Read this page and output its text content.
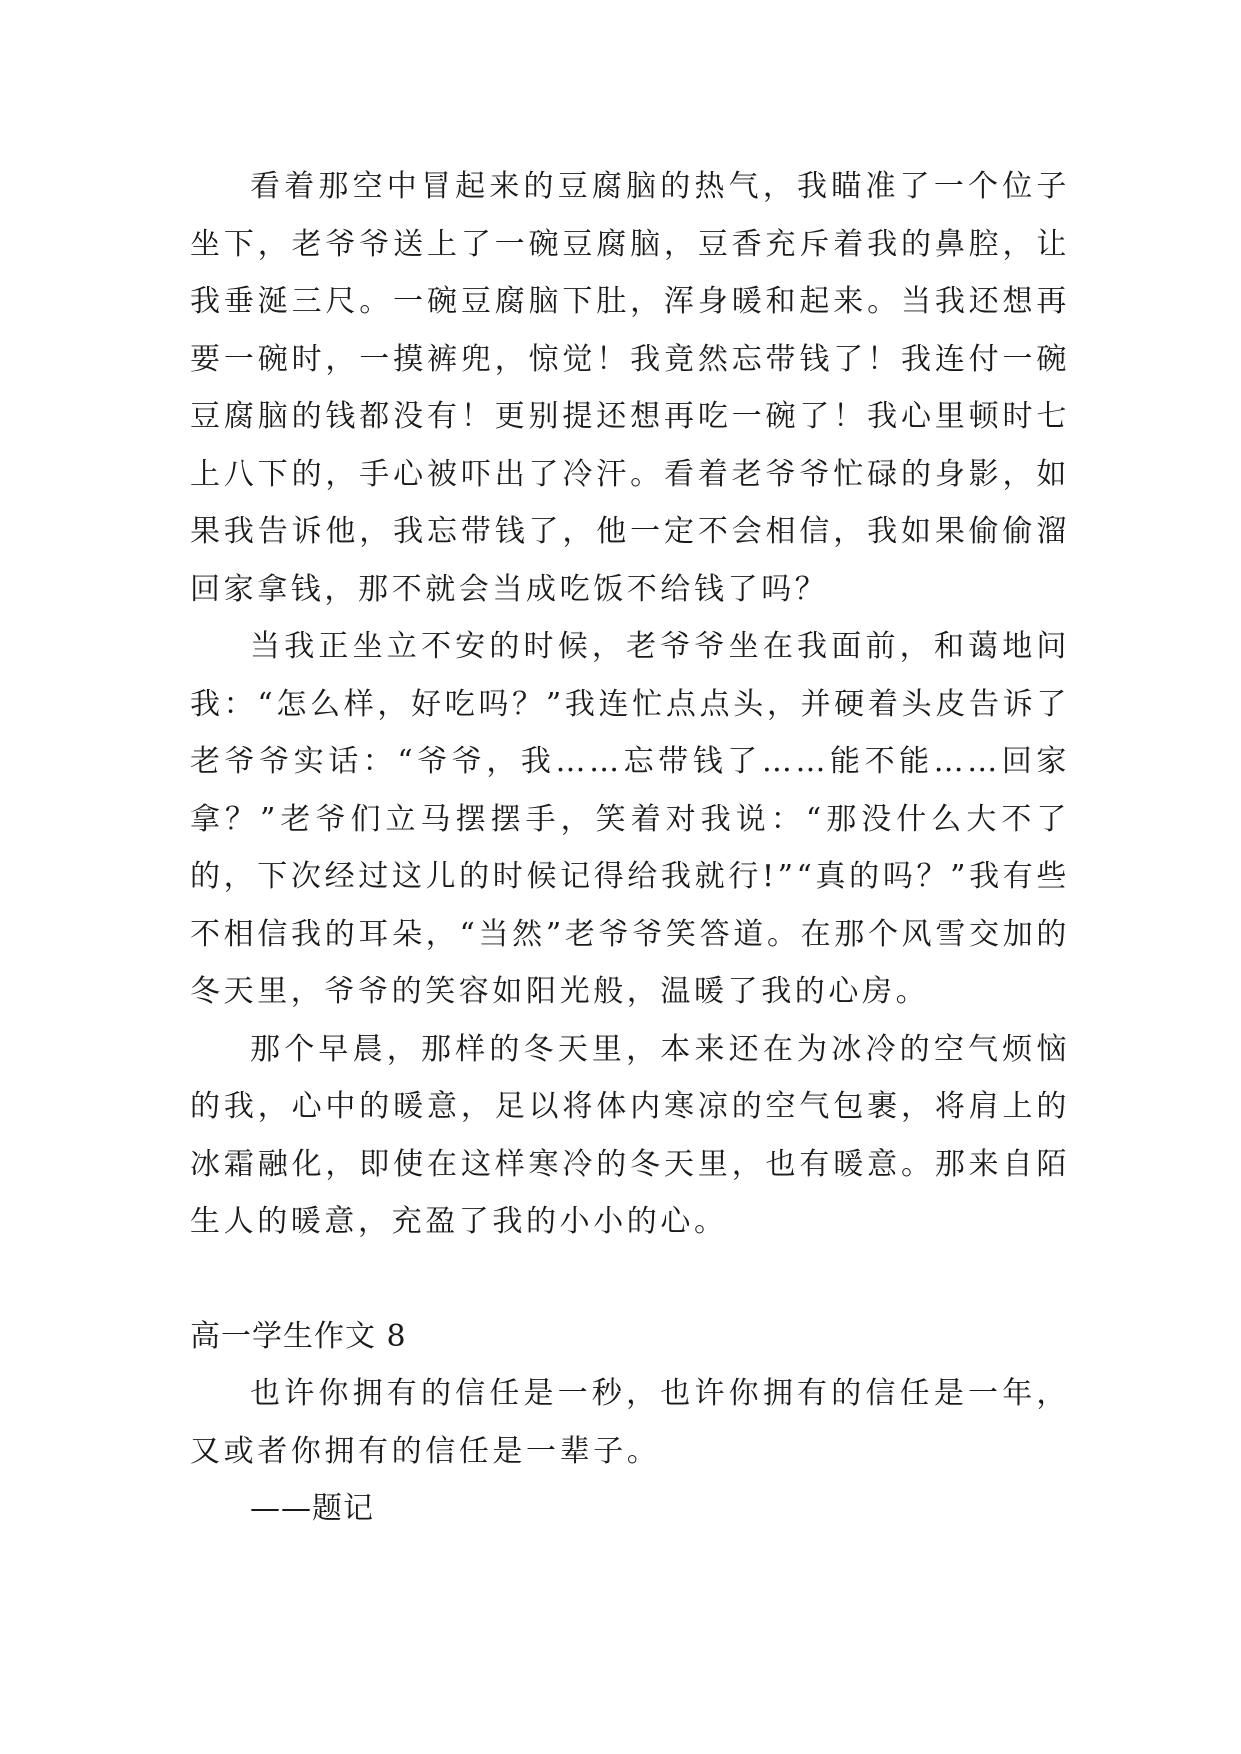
看着那空中冒起来的豆腐脑的热气，我瞄准了一个位子坐下，老爷爷送上了一碗豆腐脑，豆香充斥着我的鼻腔，让我垂涎三尺。一碗豆腐脑下肚，浑身暖和起来。当我还想再要一碗时，一摸裤兜，惊觉！我竟然忘带钱了！我连付一碗豆腐脑的钱都没有！更别提还想再吃一碗了！我心里顿时七上八下的，手心被吓出了冷汗。看着老爷爷忙碌的身影，如果我告诉他，我忘带钱了，他一定不会相信，我如果偷偷溜回家拿钱，那不就会当成吃饭不给钱了吗？

当我正坐立不安的时候，老爷爷坐在我面前，和蔼地问我：“怎么样，好吃吗？”我连忙点点头，并硬着头皮告诉了老爷爷实话：“爷爷，我……忘带钱了……能不能……回家拿？”老爷们立马摆摆手，笑着对我说：“那没什么大不了的，下次经过这儿的时候记得给我就行!”“真的吗？”我有些不相信我的耳朵，“当然”老爷爷笑答道。在那个风雪交加的冬天里，爷爷的笑容如阳光般，温暖了我的心房。

那个早晨，那样的冬天里，本来还在为冰冷的空气烦恼的我，心中的暖意，足以将体内寒凉的空气包裹，将肩上的冰霜融化，即使在这样寒冷的冬天里，也有暖意。那来自陌生人的暖意，充盈了我的小小的心。

高一学生作文 8

也许你拥有的信任是一秒，也许你拥有的信任是一年，又或者你拥有的信任是一辈子。

——题记
